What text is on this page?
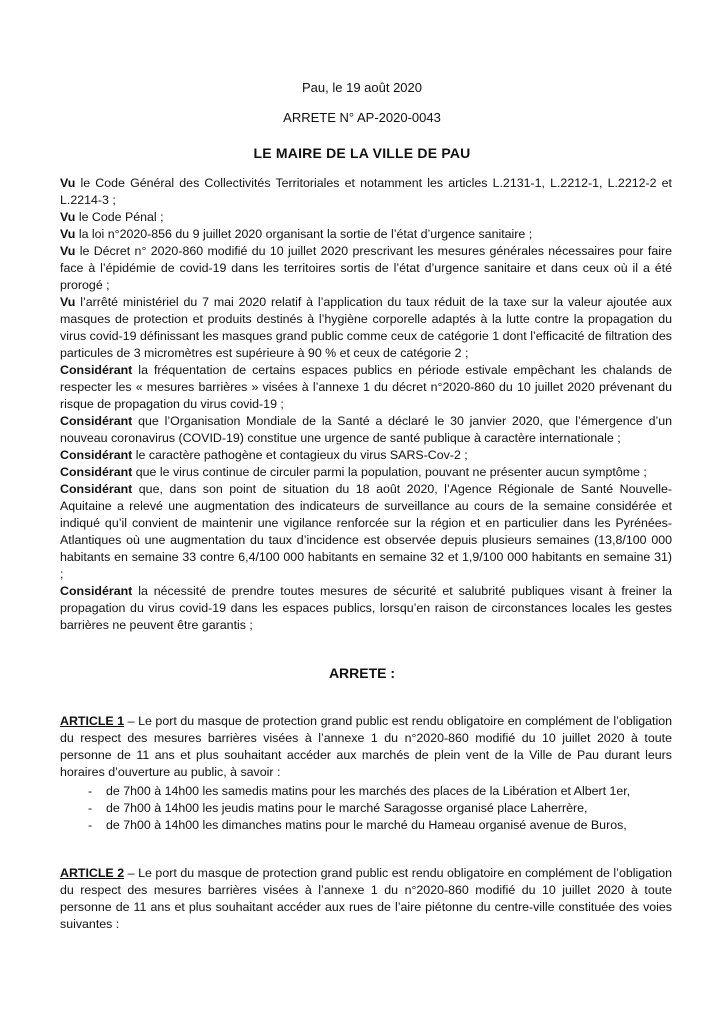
Pau, le 19 août 2020
ARRETE N° AP-2020-0043
LE MAIRE DE LA VILLE DE PAU

Vu le Code Général des Collectivités Territoriales et notamment les articles L.2131-1, L.2212-1, L.2212-2 et L.2214-3 ;

Vu le Code Pénal ;

Vu la loi n°2020-856 du 9 juillet 2020 organisant la sortie de l’état d’urgence sanitaire ;

Vu le Décret n° 2020-860 modifié du 10 juillet 2020 prescrivant les mesures générales nécessaires pour faire face à l’épidémie de covid-19 dans les territoires sortis de l’état d’urgence sanitaire et dans ceux où il a été prorogé ;

Vu l’arrêté ministériel du 7 mai 2020 relatif à l’application du taux réduit de la taxe sur la valeur ajoutée aux masques de protection et produits destinés à l’hygiène corporelle adaptés à la lutte contre la propagation du virus covid-19 définissant les masques grand public comme ceux de catégorie 1 dont l’efficacité de filtration des particules de 3 micromètres est supérieure à 90 % et ceux de catégorie 2 ;

Considérant la fréquentation de certains espaces publics en période estivale empêchant les chalands de respecter les « mesures barrières » visées à l’annexe 1 du décret n°2020-860 du 10 juillet 2020 prévenant du risque de propagation du virus covid-19 ;

Considérant que l’Organisation Mondiale de la Santé a déclaré le 30 janvier 2020, que l’émergence d’un nouveau coronavirus (COVID-19) constitue une urgence de santé publique à caractère internationale ;

Considérant le caractère pathogène et contagieux du virus SARS-Cov-2 ;

Considérant que le virus continue de circuler parmi la population, pouvant ne présenter aucun symptôme ;

Considérant que, dans son point de situation du 18 août 2020, l’Agence Régionale de Santé Nouvelle-Aquitaine a relevé une augmentation des indicateurs de surveillance au cours de la semaine considérée et indiqué qu’il convient de maintenir une vigilance renforcée sur la région et en particulier dans les Pyrénées-Atlantiques où une augmentation du taux d’incidence est observée depuis plusieurs semaines (13,8/100 000 habitants en semaine 33 contre 6,4/100 000 habitants en semaine 32 et 1,9/100 000 habitants en semaine 31) ;

Considérant la nécessité de prendre toutes mesures de sécurité et salubrité publiques visant à freiner la propagation du virus covid-19 dans les espaces publics, lorsqu’en raison de circonstances locales les gestes barrières ne peuvent être garantis ;

ARRETE :

ARTICLE 1 – Le port du masque de protection grand public est rendu obligatoire en complément de l’obligation du respect des mesures barrières visées à l’annexe 1 du n°2020-860 modifié du 10 juillet 2020 à toute personne de 11 ans et plus souhaitant accéder aux marchés de plein vent de la Ville de Pau durant leurs horaires d’ouverture au public, à savoir :

- de 7h00 à 14h00 les samedis matins pour les marchés des places de la Libération et Albert 1er,
- de 7h00 à 14h00 les jeudis matins pour le marché Saragosse organisé place Laherrère,
- de 7h00 à 14h00 les dimanches matins pour le marché du Hameau organisé avenue de Buros,

ARTICLE 2 – Le port du masque de protection grand public est rendu obligatoire en complément de l’obligation du respect des mesures barrières visées à l’annexe 1 du n°2020-860 modifié du 10 juillet 2020 à toute personne de 11 ans et plus souhaitant accéder aux rues de l’aire piétonne du centre-ville constituée des voies suivantes :
